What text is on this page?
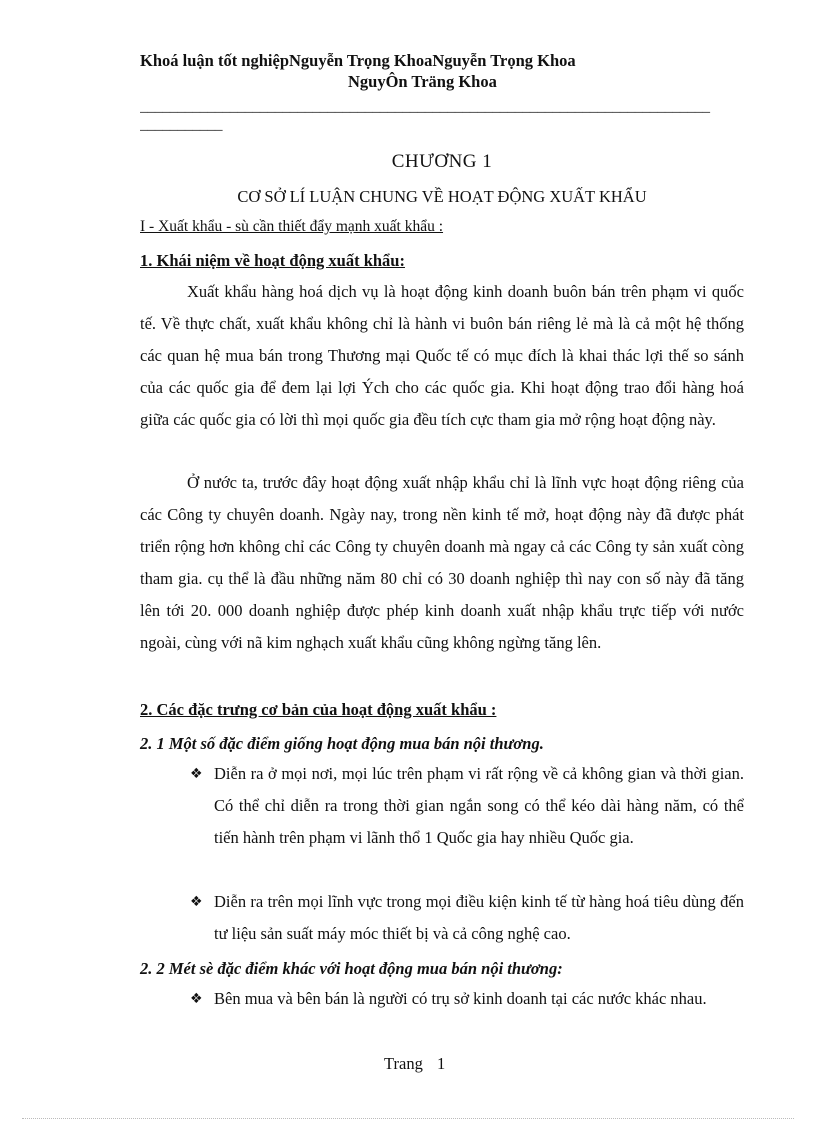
Khoá luận tốt nghiệpNguyễn Trọng KhoaNguyễn Trọng Khoa
NguyÔn Träng Khoa
____________________________________________________________________________
___________
CHƯƠNG 1
CƠ SỞ LÍ LUẬN CHUNG VỀ HOẠT ĐỘNG XUẤT KHẨU
I - Xuất khẩu - sù cần thiết đẩy mạnh xuất khẩu :
1. Khái niệm về hoạt động xuất khẩu:

Xuất khẩu hàng hoá dịch vụ là hoạt động kinh doanh buôn bán trên phạm vi quốc tế. Về thực chất, xuất khẩu không chỉ là hành vi buôn bán riêng lẻ mà là cả một hệ thống các quan hệ mua bán trong Thương mại Quốc tế có mục đích là khai thác lợi thế so sánh của các quốc gia để đem lại lợi Ých cho các quốc gia. Khi hoạt động trao đổi hàng hoá giữa các quốc gia có lời thì mọi quốc gia đều tích cực tham gia mở rộng hoạt động này.

Ở nước ta, trước đây hoạt động xuất nhập khẩu chỉ là lĩnh vực hoạt động riêng của các Công ty chuyên doanh. Ngày nay, trong nền kinh tế mở, hoạt động này đã được phát triển rộng hơn không chỉ các Công ty chuyên doanh mà ngay cả các Công ty sản xuất còng tham gia. cụ thể là đầu những năm 80 chỉ có 30 doanh nghiệp thì nay con số này đã tăng lên tới 20. 000 doanh nghiệp được phép kinh doanh xuất nhập khẩu trực tiếp với nước ngoài, cùng với nã kim nghạch xuất khẩu cũng không ngừng tăng lên.

2. Các đặc trưng cơ bản của hoạt động xuất khẩu :
2. 1 Một số đặc điểm giống hoạt động mua bán nội thương.
❖ Diễn ra ở mọi nơi, mọi lúc trên phạm vi rất rộng về cả không gian và thời gian. Có thể chỉ diễn ra trong thời gian ngắn song có thể kéo dài hàng năm, có thể tiến hành trên phạm vi lãnh thổ 1 Quốc gia hay nhiều Quốc gia.

❖ Diễn ra trên mọi lĩnh vực trong mọi điều kiện kinh tế từ hàng hoá tiêu dùng đến tư liệu sản suất máy móc thiết bị và cả công nghệ cao.

2. 2 Mét sè đặc điểm khác với hoạt động mua bán nội thương:
❖ Bên mua và bên bán là người có trụ sở kinh doanh tại các nước khác nhau.

Trang 1
